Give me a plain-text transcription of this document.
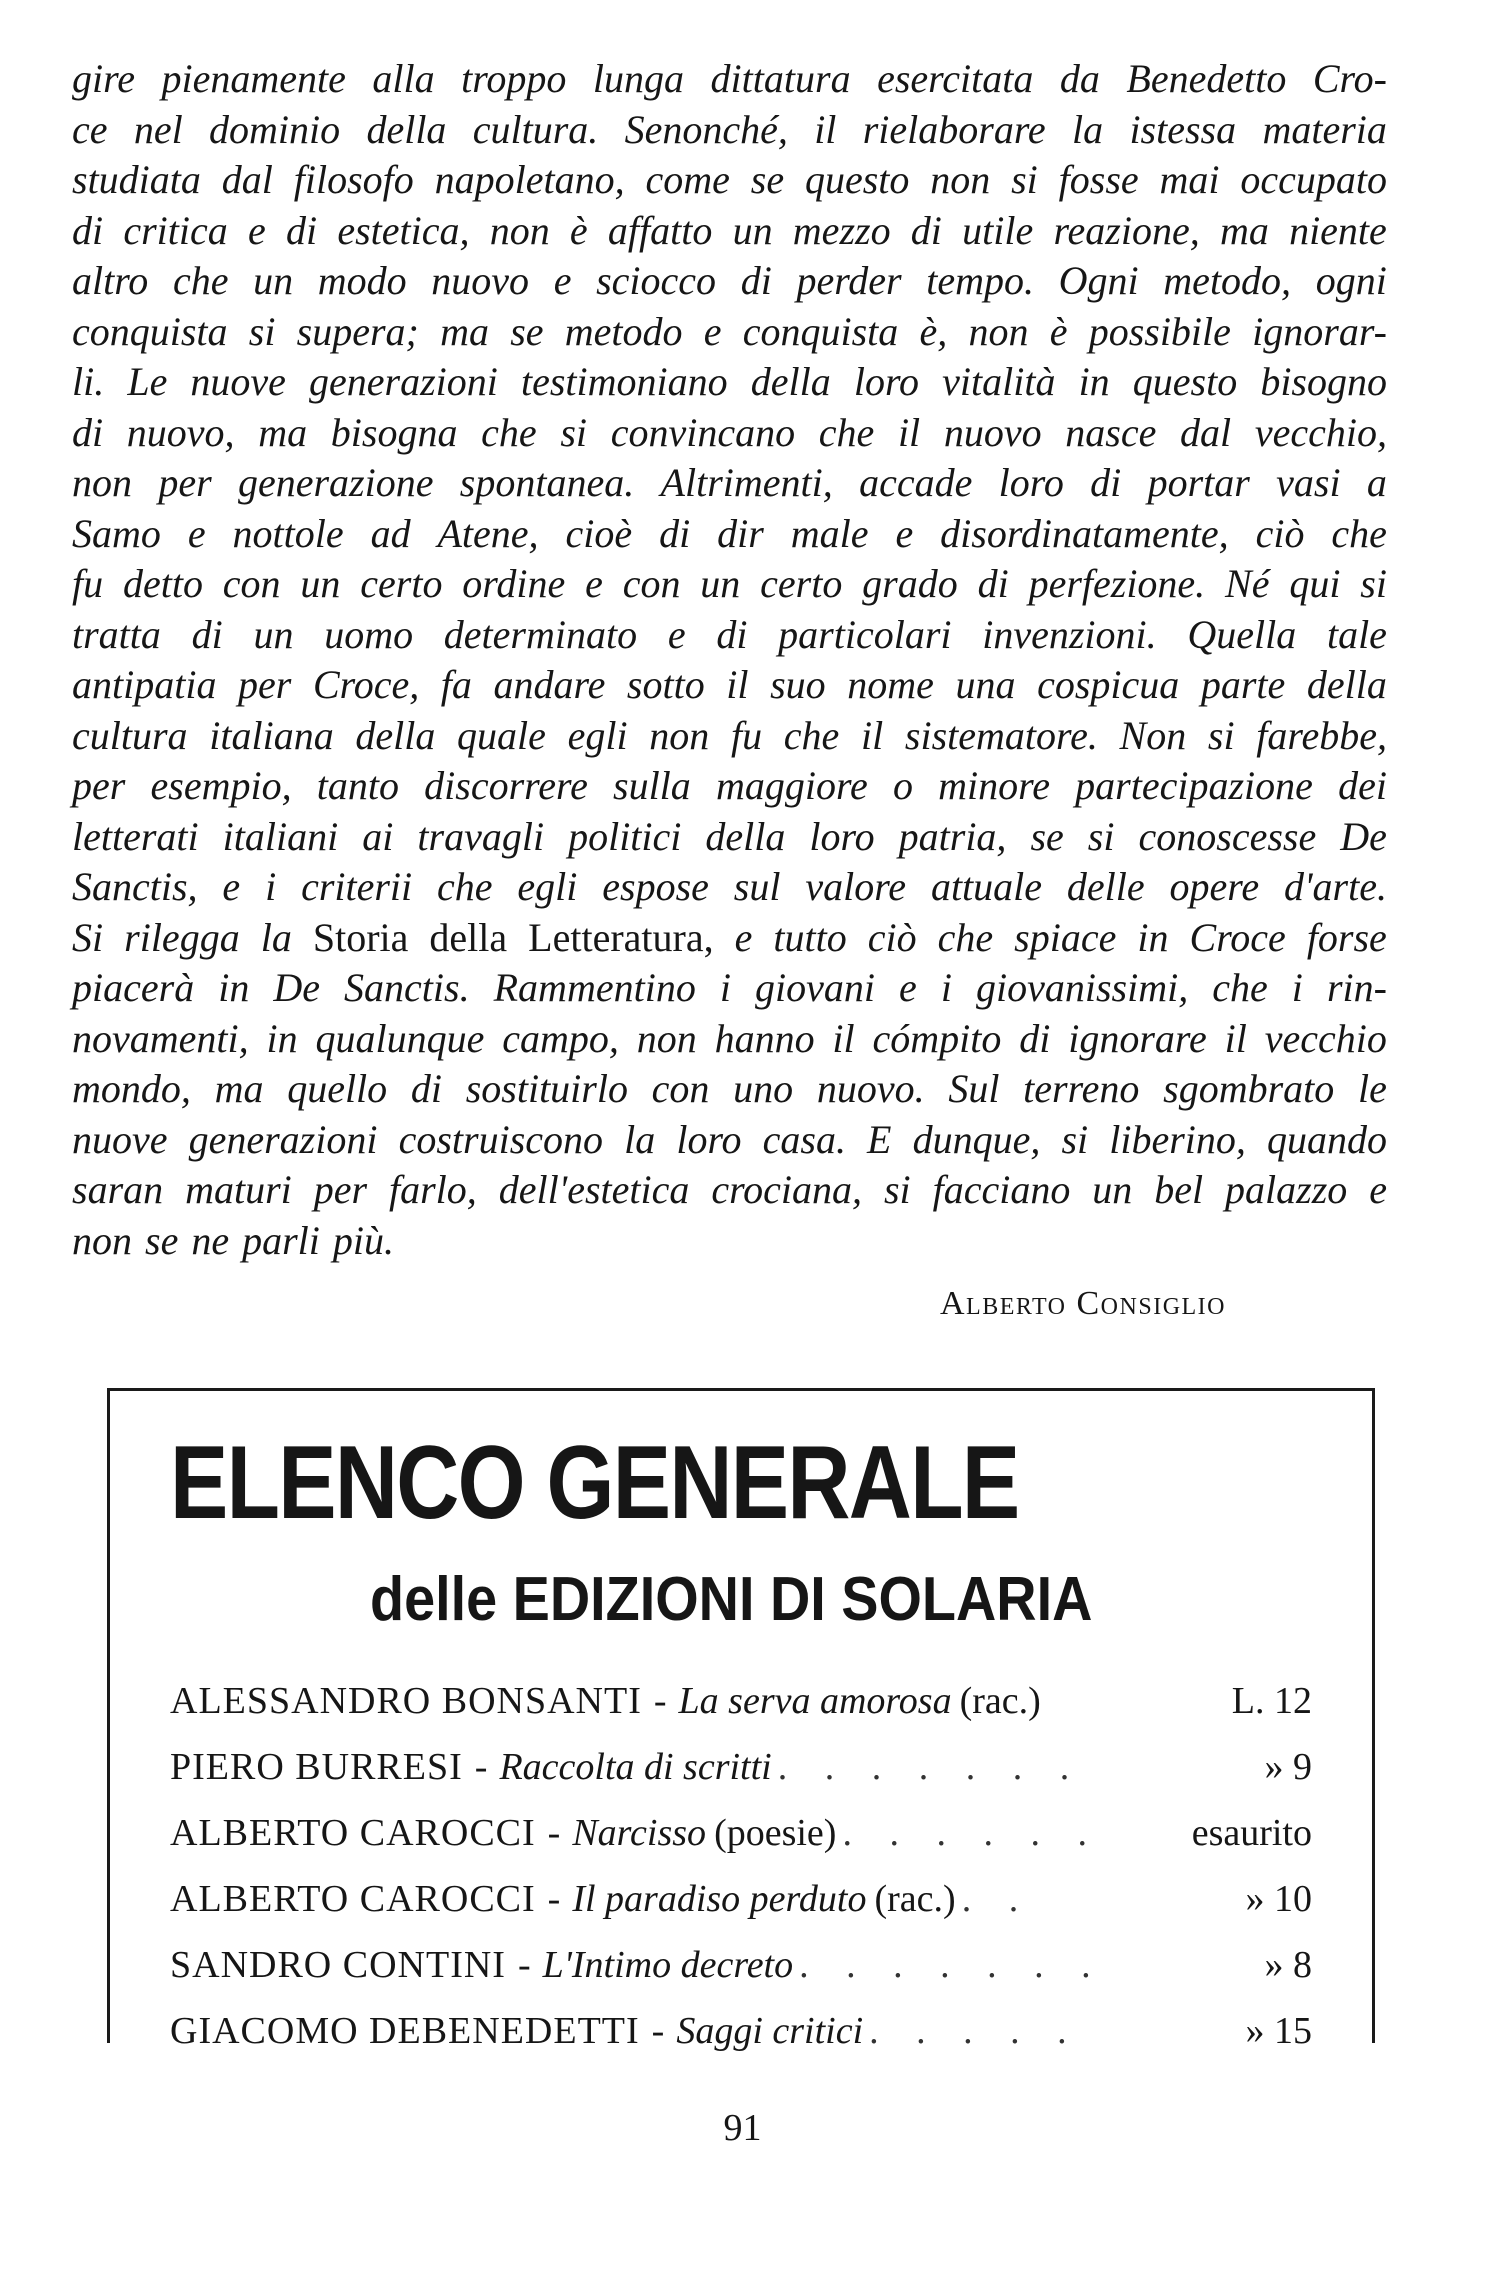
gire pienamente alla troppo lunga dittatura esercitata da Benedetto Cro-
ce nel dominio della cultura. Senonché, il rielaborare la istessa materia
studiata dal filosofo napoletano, come se questo non si fosse mai occupato
di critica e di estetica, non è affatto un mezzo di utile reazione, ma niente
altro che un modo nuovo e sciocco di perder tempo. Ogni metodo, ogni
conquista si supera; ma se metodo e conquista è, non è possibile ignorar-
li. Le nuove generazioni testimoniano della loro vitalità in questo bisogno
di nuovo, ma bisogna che si convincano che il nuovo nasce dal vecchio,
non per generazione spontanea. Altrimenti, accade loro di portar vasi a
Samo e nottole ad Atene, cioè di dir male e disordinatamente, ciò che
fu detto con un certo ordine e con un certo grado di perfezione. Né qui si
tratta di un uomo determinato e di particolari invenzioni. Quella tale
antipatia per Croce, fa andare sotto il suo nome una cospicua parte della
cultura italiana della quale egli non fu che il sistematore. Non si farebbe,
per esempio, tanto discorrere sulla maggiore o minore partecipazione dei
letterati italiani ai travagli politici della loro patria, se si conoscesse De
Sanctis, e i criterii che egli espose sul valore attuale delle opere d'arte.
Si rilegga la Storia della Letteratura, e tutto ciò che spiace in Croce forse
piacerà in De Sanctis. Rammentino i giovani e i giovanissimi, che i rin-
novamenti, in qualunque campo, non hanno il cómpito di ignorare il vecchio
mondo, ma quello di sostituirlo con uno nuovo. Sul terreno sgombrato le
nuove generazioni costruiscono la loro casa. E dunque, si liberino, quando
saran maturi per farlo, dell'estetica crociana, si facciano un bel palazzo e
non se ne parli più.
Alberto Consiglio
ELENCO GENERALE
delle EDIZIONI DI SOLARIA
ALESSANDRO BONSANTI - La serva amorosa (rac.)	L. 12
PIERO BURRESI - Raccolta di scritti . . . . . . .	» 9
ALBERTO CAROCCI - Narcisso (poesie) . . . . . .	esaurito
ALBERTO CAROCCI - Il paradiso perduto (rac.) . .	» 10
SANDRO CONTINI - L'Intimo decreto . . . . . . .	» 8
GIACOMO DEBENEDETTI - Saggi critici . . . . .	» 15
91
